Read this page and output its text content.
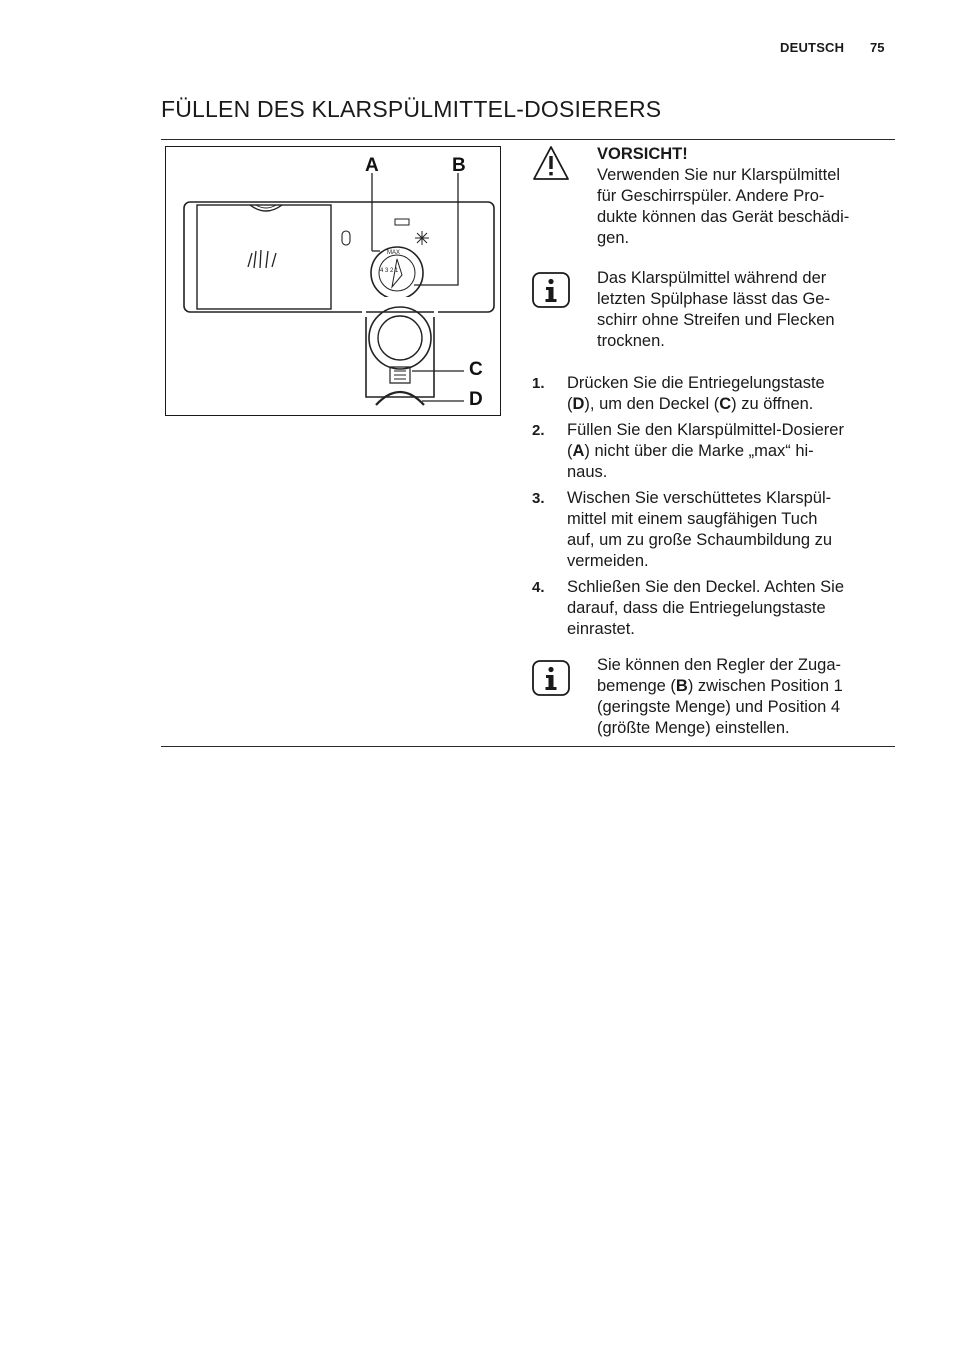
DEUTSCH 75
FÜLLEN DES KLARSPÜLMITTEL-DOSIERERS
MAX
4 3 2 1
A	B
C
D
VORSICHT!
Verwenden Sie nur Klarspülmittel
für Geschirrspüler. Andere Pro-
dukte können das Gerät beschädi-
gen.
Das Klarspülmittel während der
letzten Spülphase lässt das Ge-
schirr ohne Streifen und Flecken
trocknen.
1. Drücken Sie die Entriegelungstaste
(D), um den Deckel (C) zu öffnen.
2. Füllen Sie den Klarspülmittel-Dosierer
(A) nicht über die Marke „max“ hi-
naus.
3. Wischen Sie verschüttetes Klarspül-
mittel mit einem saugfähigen Tuch
auf, um zu große Schaumbildung zu
vermeiden.
4. Schließen Sie den Deckel. Achten Sie
darauf, dass die Entriegelungstaste
einrastet.
Sie können den Regler der Zuga-
bemenge (B) zwischen Position 1
(geringste Menge) und Position 4
(größte Menge) einstellen.
